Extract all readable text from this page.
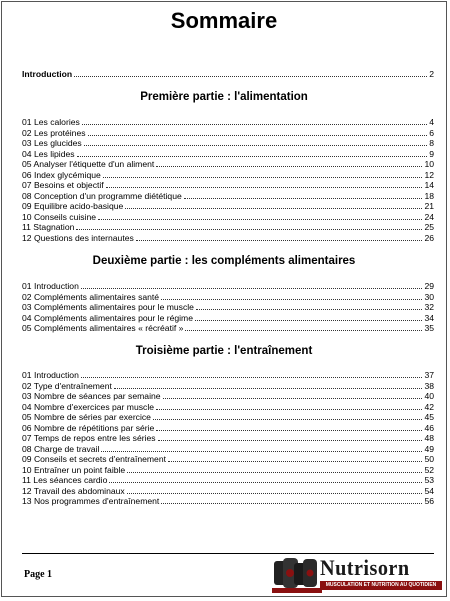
Sommaire
Introduction	2
Première partie : l'alimentation
01 Les calories	4
02 Les protéines	6
03 Les glucides	8
04 Les lipides	9
05 Analyser l'étiquette d'un aliment	10
06 Index glycémique	12
07 Besoins et objectif	14
08 Conception d'un programme diététique	18
09 Equilibre acido-basique	21
10 Conseils cuisine	24
11 Stagnation	25
12 Questions des internautes	26
Deuxième partie : les compléments alimentaires
01 Introduction	29
02 Compléments alimentaires santé	30
03 Compléments alimentaires pour le muscle	32
04 Compléments alimentaires pour le régime	34
05 Compléments alimentaires « récréatif »	35
Troisième partie : l'entraînement
01 Introduction	37
02 Type d'entraînement	38
03 Nombre de séances par semaine	40
04 Nombre d'exercices par muscle	42
05 Nombre de séries par exercice	45
06 Nombre de répétitions par série	46
07 Temps de repos entre les séries	48
08 Charge de travail	49
09 Conseils et secrets d'entraînement	50
10 Entraîner un point faible	52
11 Les séances cardio	53
12 Travail des abdominaux	54
13 Nos programmes d'entraînement	56
Page 1	Nutrisorn
MUSCULATION ET NUTRITION AU QUOTIDIEN
